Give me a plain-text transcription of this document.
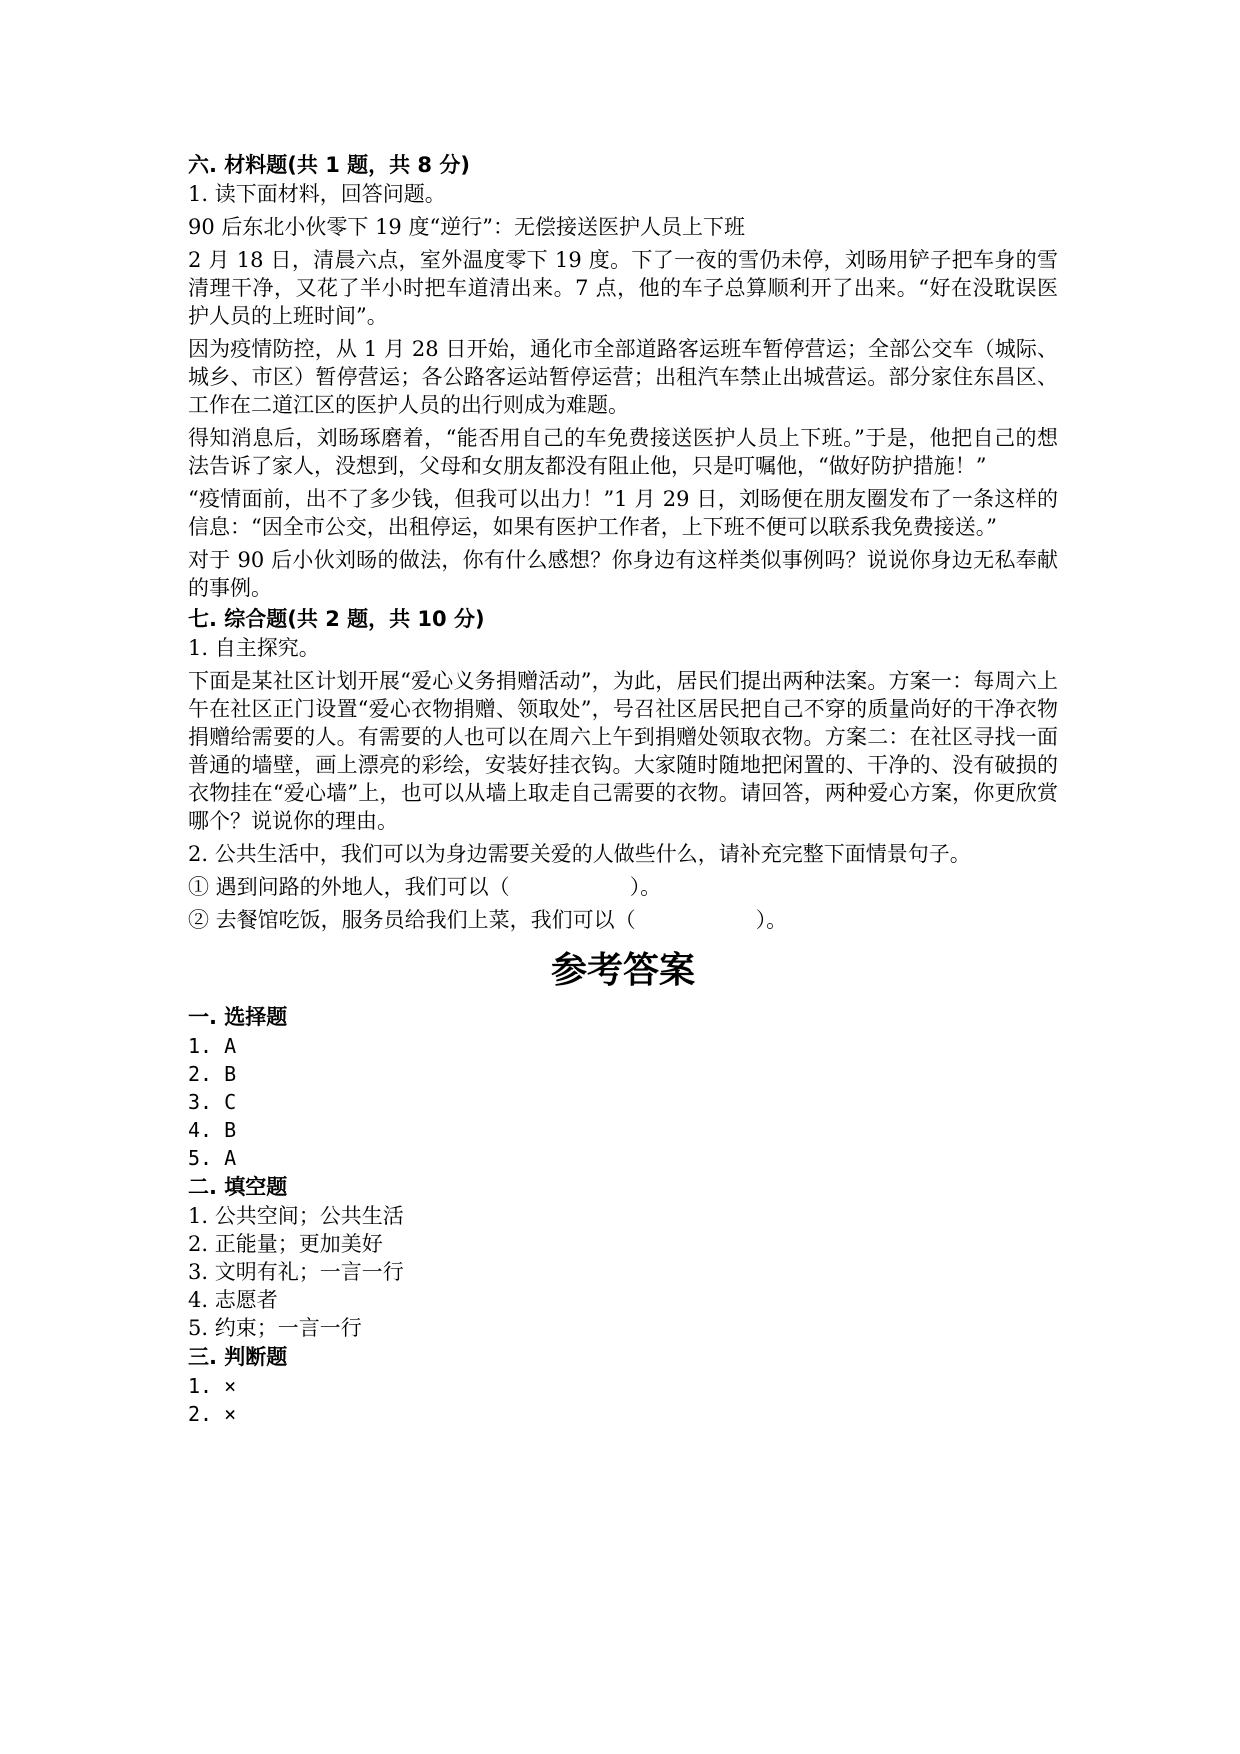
六. 材料题(共 1 题，共 8 分)

1. 读下面材料，回答问题。

90 后东北小伙零下 19 度“逆行”：无偿接送医护人员上下班

2 月 18 日，清晨六点，室外温度零下 19 度。下了一夜的雪仍未停，刘旸用铲子把车身的雪清理干净，又花了半小时把车道清出来。7 点，他的车子总算顺利开了出来。“好在没耽误医护人员的上班时间”。

因为疫情防控，从 1 月 28 日开始，通化市全部道路客运班车暂停营运；全部公交车（城际、城乡、市区）暂停营运；各公路客运站暂停运营；出租汽车禁止出城营运。部分家住东昌区、工作在二道江区的医护人员的出行则成为难题。

得知消息后，刘旸琢磨着，“能否用自己的车免费接送医护人员上下班。”于是，他把自己的想法告诉了家人，没想到，父母和女朋友都没有阻止他，只是叮嘱他，“做好防护措施！”

“疫情面前，出不了多少钱，但我可以出力！”1 月 29 日，刘旸便在朋友圈发布了一条这样的信息：“因全市公交，出租停运，如果有医护工作者，上下班不便可以联系我免费接送。”

对于 90 后小伙刘旸的做法，你有什么感想？你身边有这样类似事例吗？说说你身边无私奉献的事例。

七. 综合题(共 2 题，共 10 分)

1. 自主探究。

下面是某社区计划开展“爱心义务捐赠活动”，为此，居民们提出两种法案。方案一：每周六上午在社区正门设置“爱心衣物捐赠、领取处”，号召社区居民把自己不穿的质量尚好的干净衣物捐赠给需要的人。有需要的人也可以在周六上午到捐赠处领取衣物。方案二：在社区寻找一面普通的墙壁，画上漂亮的彩绘，安装好挂衣钩。大家随时随地把闲置的、干净的、没有破损的衣物挂在“爱心墙”上，也可以从墙上取走自己需要的衣物。请回答，两种爱心方案，你更欣赏哪个？说说你的理由。

2. 公共生活中，我们可以为身边需要关爱的人做些什么，请补充完整下面情景句子。

① 遇到问路的外地人，我们可以（	）。

② 去餐馆吃饭，服务员给我们上菜，我们可以（	）。

参考答案
一. 选择题

1. A

2. B

3. C

4. B

5. A

二. 填空题

1. 公共空间；公共生活

2. 正能量；更加美好

3. 文明有礼；一言一行

4. 志愿者

5. 约束；一言一行

三. 判断题

1. ×

2. ×
